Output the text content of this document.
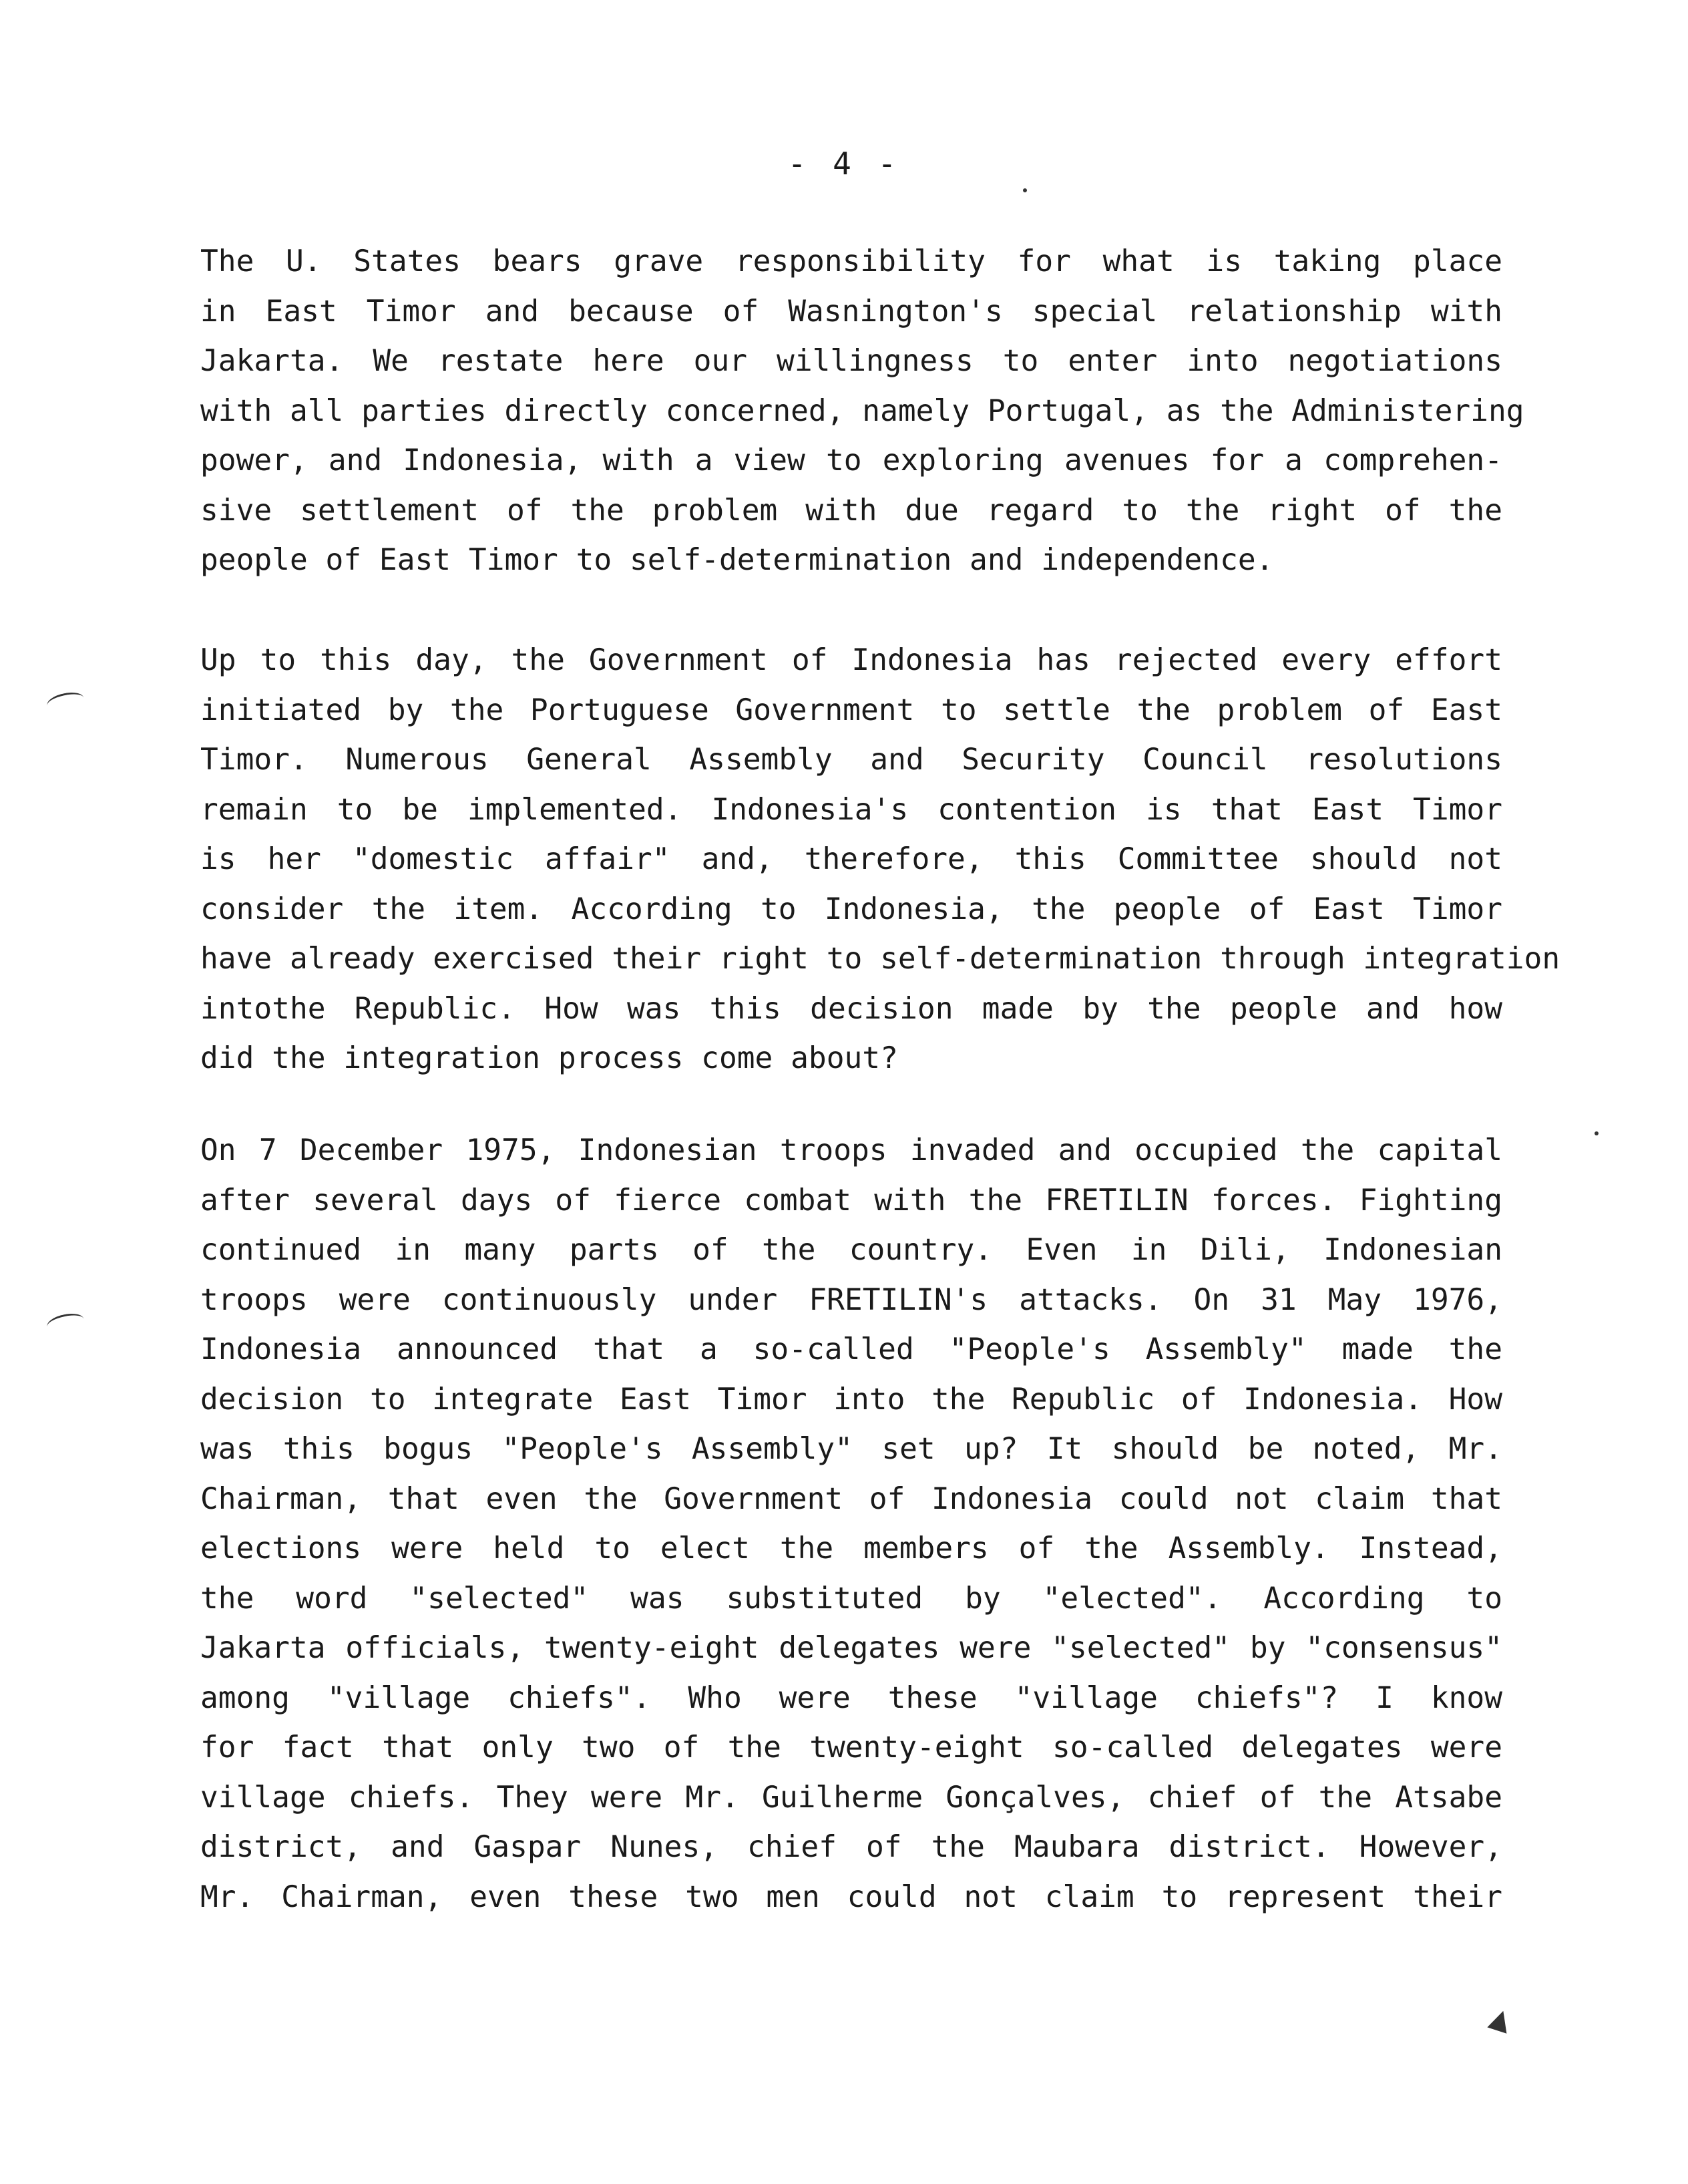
- 4 -
The U. States bears grave responsibility for what is taking place
in East Timor and because of Wasnington's special relationship with
Jakarta. We restate here our willingness to enter into negotiations
with all parties directly concerned, namely Portugal, as the Administering
power, and Indonesia, with a view to exploring avenues for a comprehen-
sive settlement of the problem with due regard to the right of the
people of East Timor to self-determination and independence.
Up to this day, the Government of Indonesia has rejected every effort
initiated by the Portuguese Government to settle the problem of East
Timor. Numerous General Assembly and Security Council resolutions
remain to be implemented. Indonesia's contention is that East Timor
is her "domestic affair" and, therefore, this Committee should not
consider the item. According to Indonesia, the people of East Timor
have already exercised their right to self-determination through integration
intothe Republic. How was this decision made by the people and how
did the integration process come about?
On 7 December 1975, Indonesian troops invaded and occupied the capital
after several days of fierce combat with the FRETILIN forces. Fighting
continued in many parts of the country. Even in Dili, Indonesian
troops were continuously under FRETILIN's attacks. On 31 May 1976,
Indonesia announced that a so-called "People's Assembly" made the
decision to integrate East Timor into the Republic of Indonesia. How
was this bogus "People's Assembly" set up? It should be noted, Mr.
Chairman, that even the Government of Indonesia could not claim that
elections were held to elect the members of the Assembly. Instead,
the word "selected" was substituted by "elected". According to
Jakarta officials, twenty-eight delegates were "selected" by "consensus"
among "village chiefs". Who were these "village chiefs"? I know
for fact that only two of the twenty-eight so-called delegates were
village chiefs. They were Mr. Guilherme Gonçalves, chief of the Atsabe
district, and Gaspar Nunes, chief of the Maubara district. However,
Mr. Chairman, even these two men could not claim to represent their
▲
